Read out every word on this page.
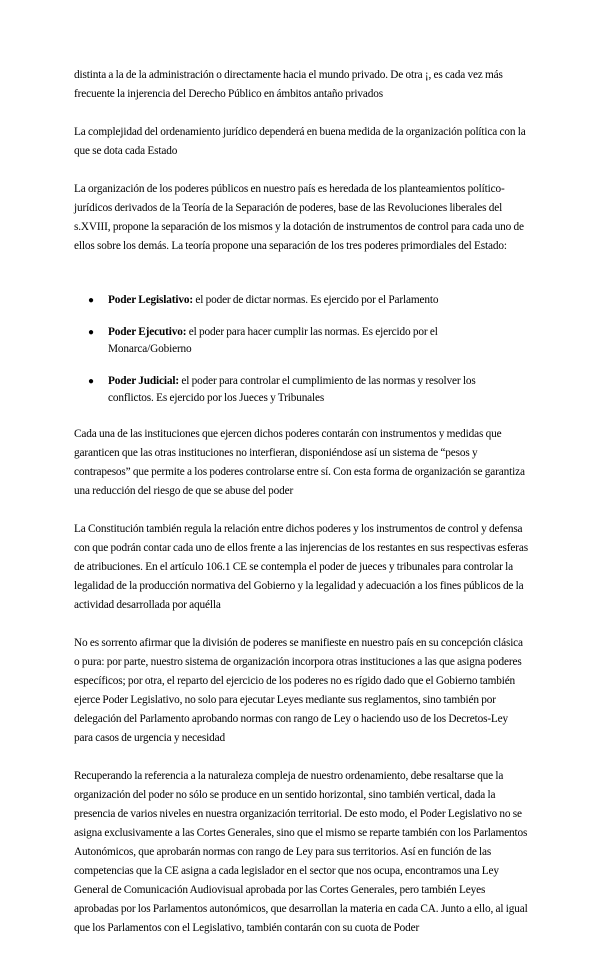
distinta a la de la administración o directamente hacia el mundo privado. De otra ¡, es cada vez más frecuente la injerencia del Derecho Público en ámbitos antaño privados

La complejidad del ordenamiento jurídico dependerá en buena medida de la organización política con la que se dota cada Estado

La organización de los poderes públicos en nuestro país es heredada de los planteamientos político-jurídicos derivados de la Teoría de la Separación de poderes, base de las Revoluciones liberales del s.XVIII, propone la separación de los mismos y la dotación de instrumentos de control para cada uno de ellos sobre los demás. La teoría propone una separación de los tres poderes primordiales del Estado:

● Poder Legislativo: el poder de dictar normas. Es ejercido por el Parlamento
● Poder Ejecutivo: el poder para hacer cumplir las normas. Es ejercido por el Monarca/Gobierno
● Poder Judicial: el poder para controlar el cumplimiento de las normas y resolver los conflictos. Es ejercido por los Jueces y Tribunales

Cada una de las instituciones que ejercen dichos poderes contarán con instrumentos y medidas que garanticen que las otras instituciones no interfieran, disponiéndose así un sistema de “pesos y contrapesos” que permite a los poderes controlarse entre sí. Con esta forma de organización se garantiza una reducción del riesgo de que se abuse del poder

La Constitución también regula la relación entre dichos poderes y los instrumentos de control y defensa con que podrán contar cada uno de ellos frente a las injerencias de los restantes en sus respectivas esferas de atribuciones. En el artículo 106.1 CE se contempla el poder de jueces y tribunales para controlar la legalidad de la producción normativa del Gobierno y la legalidad y adecuación a los fines públicos de la actividad desarrollada por aquélla

No es sorrento afirmar que la división de poderes se manifieste en nuestro país en su concepción clásica o pura: por parte, nuestro sistema de organización incorpora otras instituciones a las que asigna poderes específicos; por otra, el reparto del ejercicio de los poderes no es rígido dado que el Gobierno también ejerce Poder Legislativo, no solo para ejecutar Leyes mediante sus reglamentos, sino también por delegación del Parlamento aprobando normas con rango de Ley o haciendo uso de los Decretos-Ley para casos de urgencia y necesidad

Recuperando la referencia a la naturaleza compleja de nuestro ordenamiento, debe resaltarse que la organización del poder no sólo se produce en un sentido horizontal, sino también vertical, dada la presencia de varios niveles en nuestra organización territorial. De esto modo, el Poder Legislativo no se asigna exclusivamente a las Cortes Generales, sino que el mismo se reparte también con los Parlamentos Autonómicos, que aprobarán normas con rango de Ley para sus territorios. Así en función de las competencias que la CE asigna a cada legislador en el sector que nos ocupa, encontramos una Ley General de Comunicación Audiovisual aprobada por las Cortes Generales, pero también Leyes aprobadas por los Parlamentos autonómicos, que desarrollan la materia en cada CA. Junto a ello, al igual que los Parlamentos con el Legislativo, también contarán con su cuota de Poder
